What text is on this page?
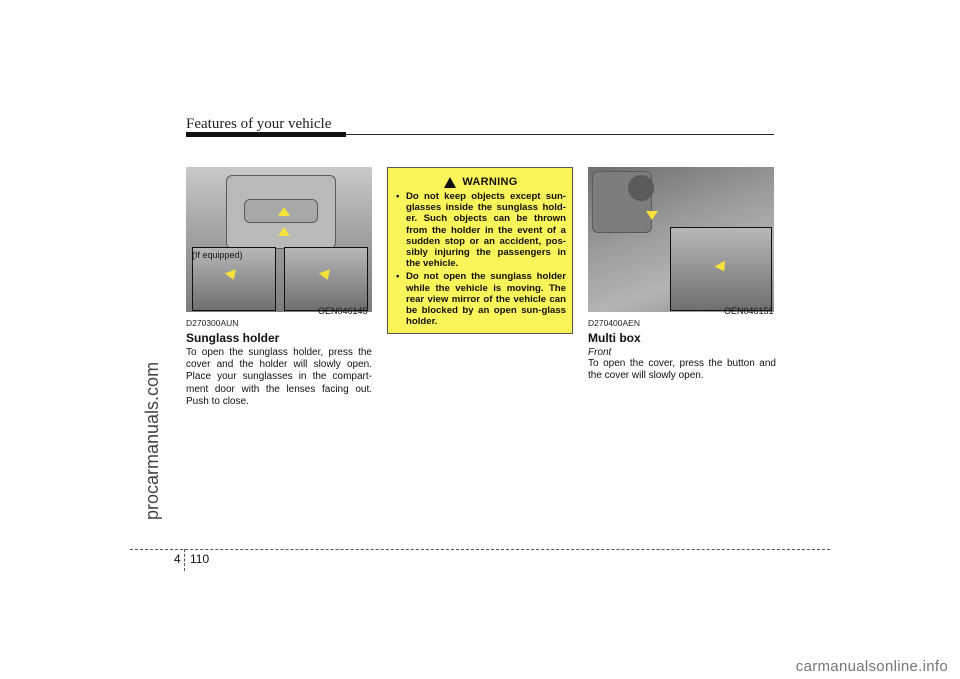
Features of your vehicle
procarmanuals.com
(If equipped)
OEN046145

D270300AUN

Sunglass holder

To open the sunglass holder, press the cover and the holder will slowly open. Place your sunglasses in the compart-ment door with the lenses facing out. Push to close.

WARNING
• Do not keep objects except sun-glasses inside the sunglass hold-er. Such objects can be thrown from the holder in the event of a sudden stop or an accident, pos-sibly injuring the passengers in the vehicle.
• Do not open the sunglass holder while the vehicle is moving. The rear view mirror of the vehicle can be blocked by an open sun-glass holder.
OEN046151

D270400AEN

Multi box

Front

To open the cover, press the button and the cover will slowly open.

4 110
carmanualsonline.info
